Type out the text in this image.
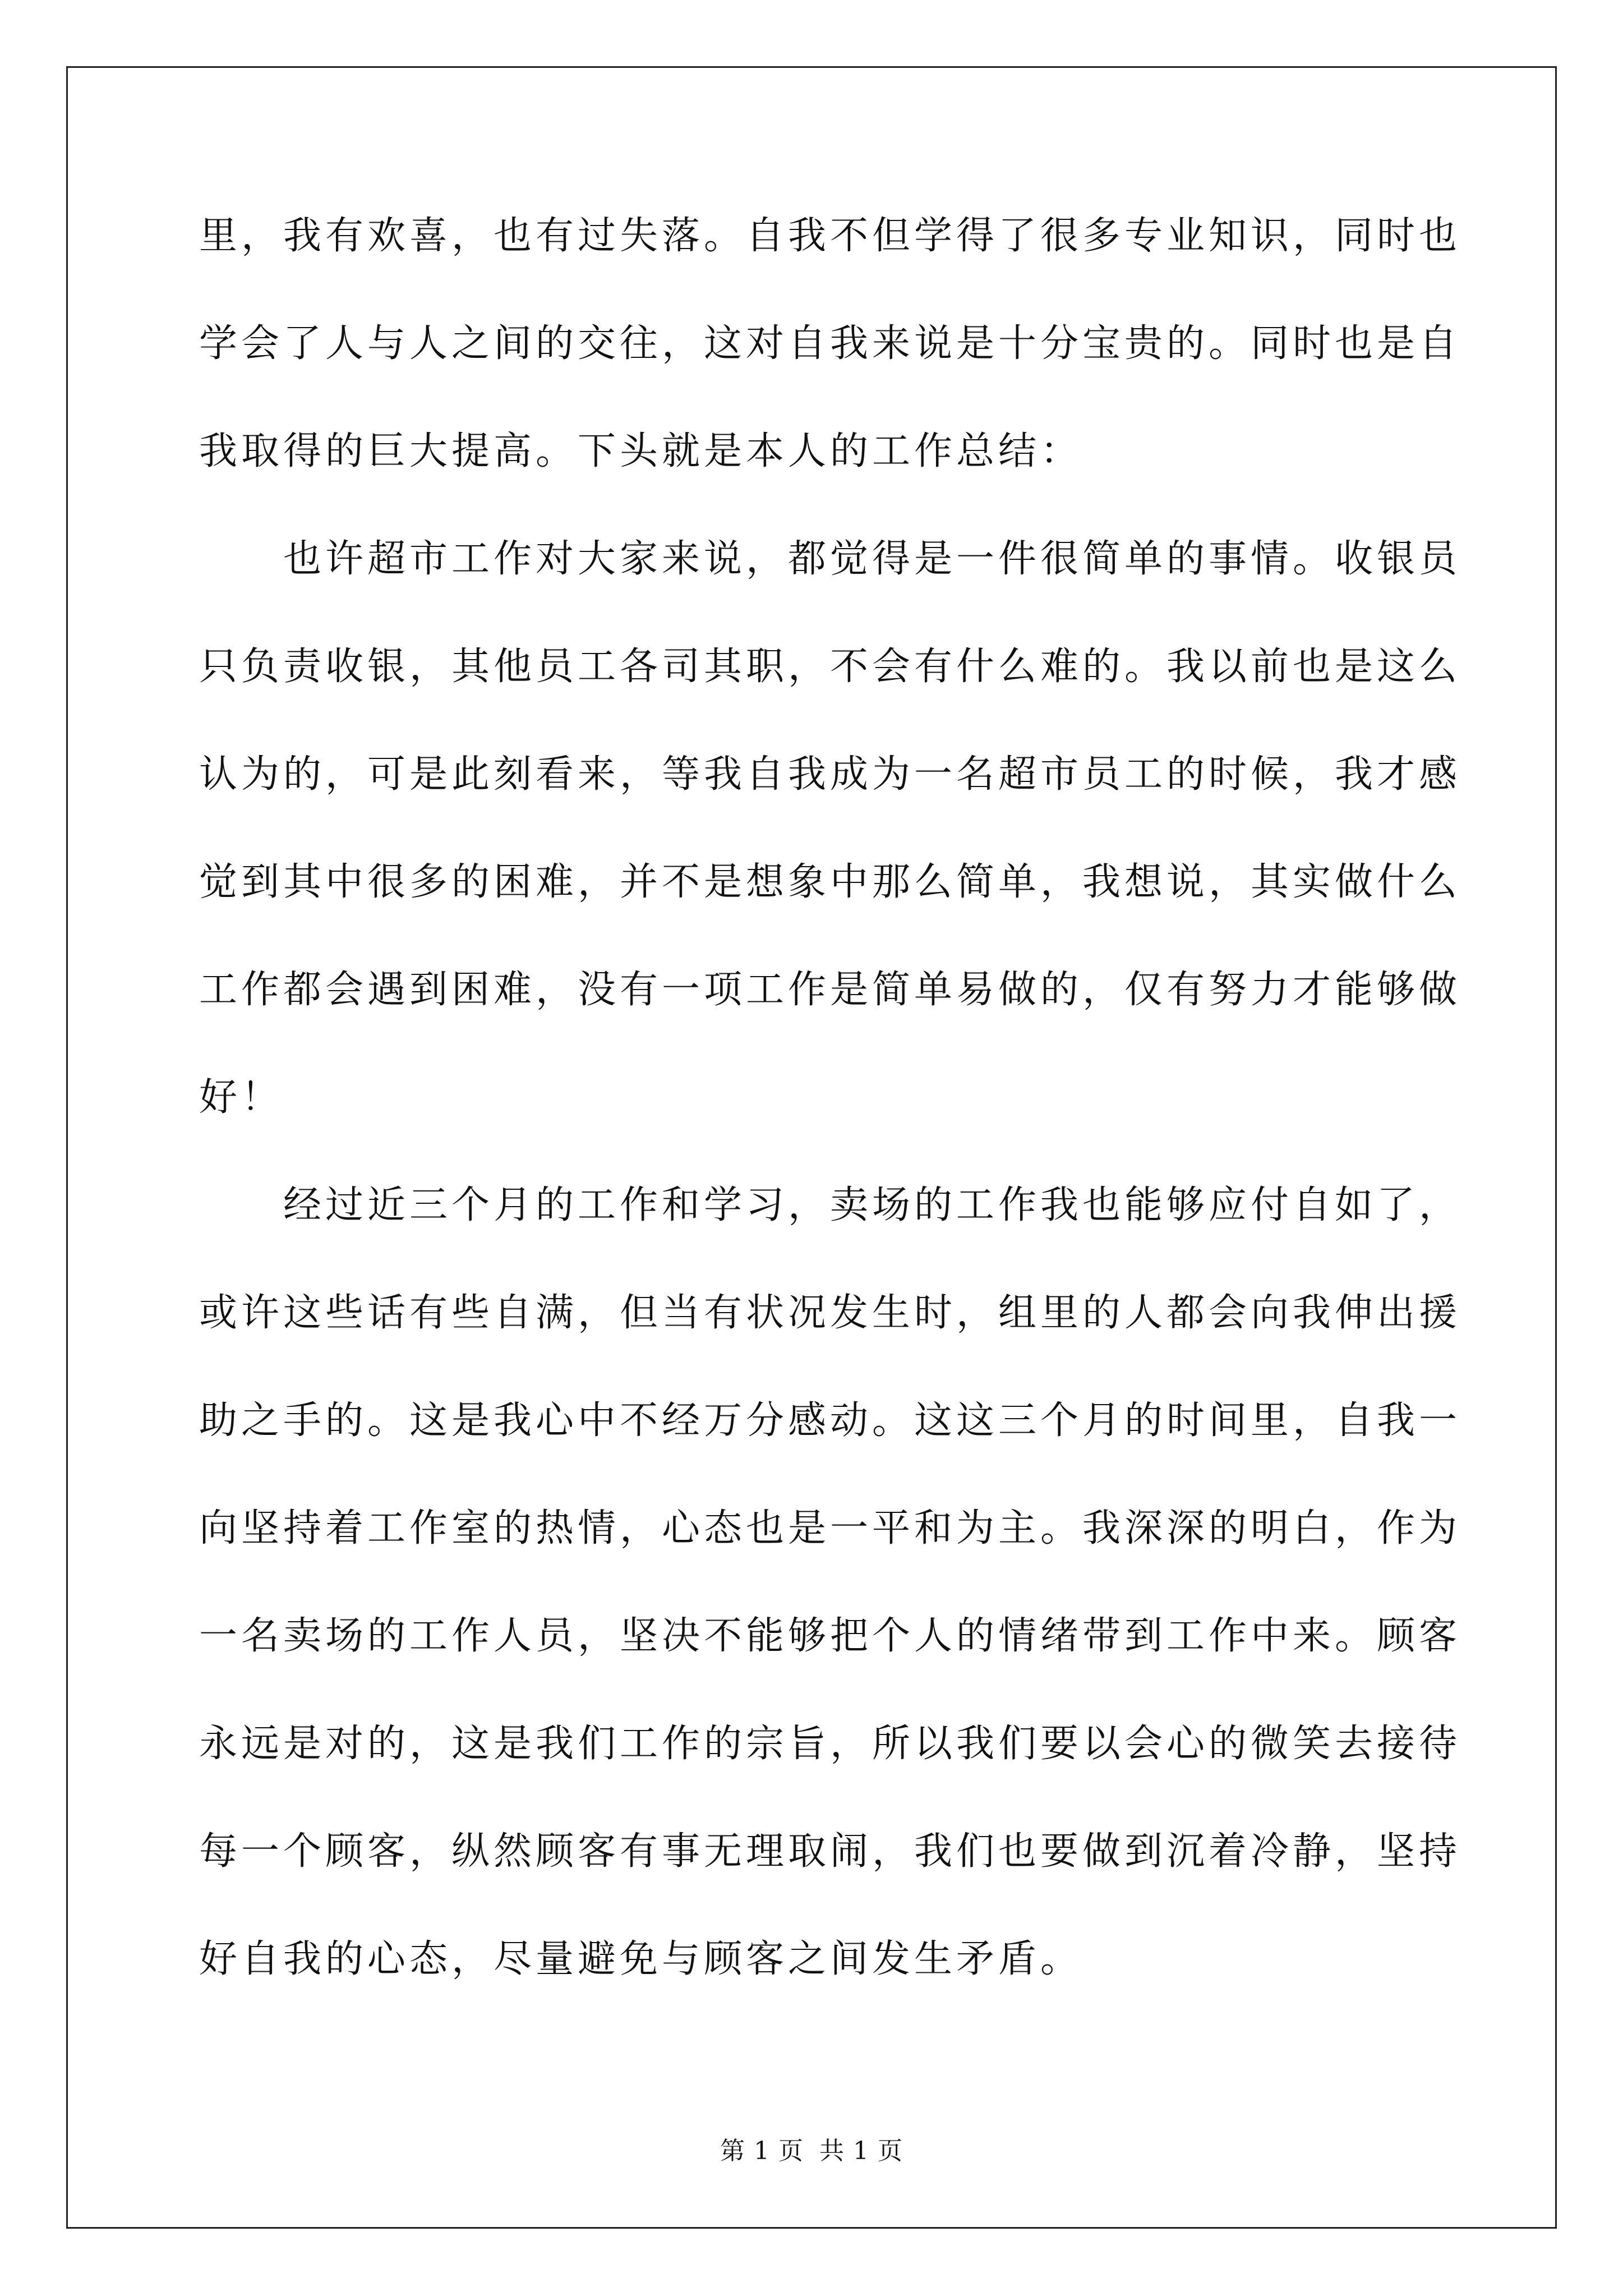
里，我有欢喜，也有过失落。自我不但学得了很多专业知识，同时也
学会了人与人之间的交往，这对自我来说是十分宝贵的。同时也是自
我取得的巨大提高。下头就是本人的工作总结：
　　也许超市工作对大家来说，都觉得是一件很简单的事情。收银员
只负责收银，其他员工各司其职，不会有什么难的。我以前也是这么
认为的，可是此刻看来，等我自我成为一名超市员工的时候，我才感
觉到其中很多的困难，并不是想象中那么简单，我想说，其实做什么
工作都会遇到困难，没有一项工作是简单易做的，仅有努力才能够做
好！
　　经过近三个月的工作和学习，卖场的工作我也能够应付自如了，
或许这些话有些自满，但当有状况发生时，组里的人都会向我伸出援
助之手的。这是我心中不经万分感动。这这三个月的时间里，自我一
向坚持着工作室的热情，心态也是一平和为主。我深深的明白，作为
一名卖场的工作人员，坚决不能够把个人的情绪带到工作中来。顾客
永远是对的，这是我们工作的宗旨，所以我们要以会心的微笑去接待
每一个顾客，纵然顾客有事无理取闹，我们也要做到沉着冷静，坚持
好自我的心态，尽量避免与顾客之间发生矛盾。
第 1 页 共 1 页
